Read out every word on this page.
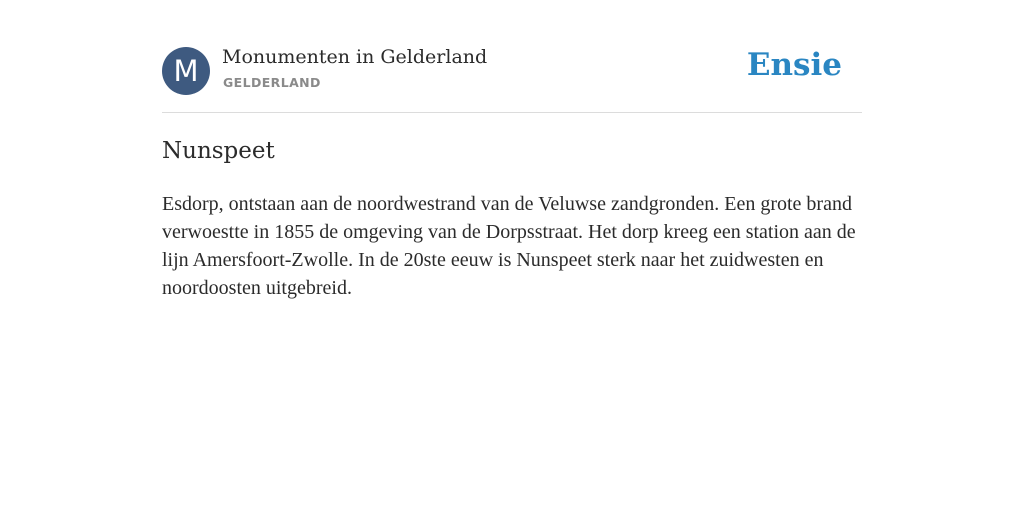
M	Monumenten in Gelderland
GELDERLAND	Ensie
Nunspeet

Esdorp, ontstaan aan de noordwestrand van de Veluwse zandgronden. Een grote brand verwoestte in 1855 de omgeving van de Dorpsstraat. Het dorp kreeg een station aan de lijn Amersfoort-Zwolle. In de 20ste eeuw is Nunspeet sterk naar het zuidwesten en noordoosten uitgebreid.
